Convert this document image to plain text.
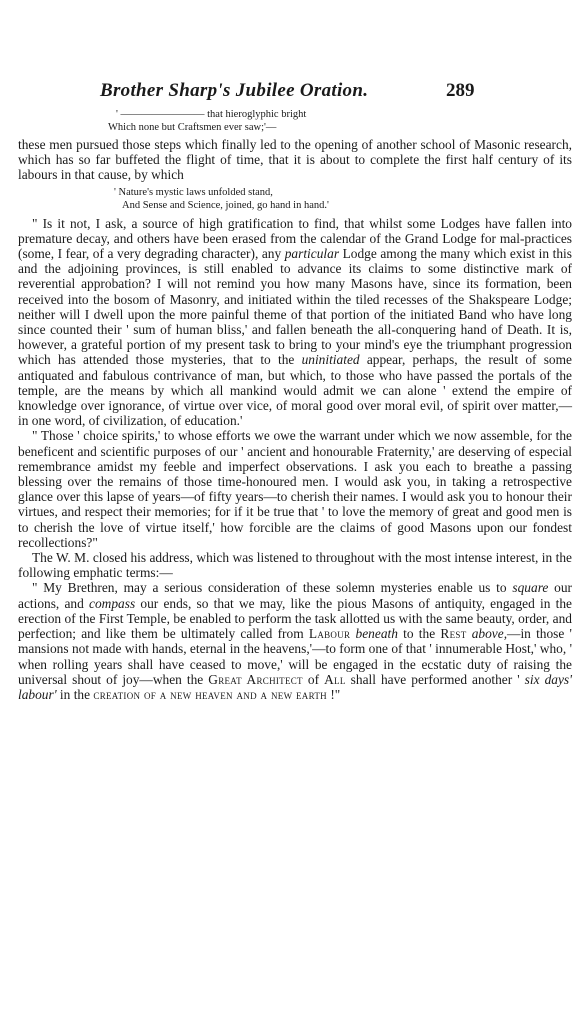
Brother Sharp's Jubilee Oration.	289
' ———————— that hieroglyphic bright
Which none but Craftsmen ever saw;'—

these men pursued those steps which finally led to the opening of another school of Masonic research, which has so far buffeted the flight of time, that it is about to complete the first half century of its labours in that cause, by which

' Nature's mystic laws unfolded stand,
And Sense and Science, joined, go hand in hand.'

" Is it not, I ask, a source of high gratification to find, that whilst some Lodges have fallen into premature decay, and others have been erased from the calendar of the Grand Lodge for mal-practices (some, I fear, of a very degrading character), any particular Lodge among the many which exist in this and the adjoining provinces, is still enabled to advance its claims to some distinctive mark of reverential approbation? I will not remind you how many Masons have, since its formation, been received into the bosom of Masonry, and initiated within the tiled recesses of the Shakspeare Lodge; neither will I dwell upon the more painful theme of that portion of the initiated Band who have long since counted their ' sum of human bliss,' and fallen beneath the all-conquering hand of Death. It is, however, a grateful portion of my present task to bring to your mind's eye the triumphant progression which has attended those mysteries, that to the uninitiated appear, perhaps, the result of some antiquated and fabulous contrivance of man, but which, to those who have passed the portals of the temple, are the means by which all mankind would admit we can alone ' extend the empire of knowledge over ignorance, of virtue over vice, of moral good over moral evil, of spirit over matter,—in one word, of civilization, of education.'

" Those ' choice spirits,' to whose efforts we owe the warrant under which we now assemble, for the beneficent and scientific purposes of our ' ancient and honourable Fraternity,' are deserving of especial remembrance amidst my feeble and imperfect observations. I ask you each to breathe a passing blessing over the remains of those time-honoured men. I would ask you, in taking a retrospective glance over this lapse of years—of fifty years—to cherish their names. I would ask you to honour their virtues, and respect their memories; for if it be true that ' to love the memory of great and good men is to cherish the love of virtue itself,' how forcible are the claims of good Masons upon our fondest recollections?"

The W. M. closed his address, which was listened to throughout with the most intense interest, in the following emphatic terms:—

" My Brethren, may a serious consideration of these solemn mysteries enable us to square our actions, and compass our ends, so that we may, like the pious Masons of antiquity, engaged in the erection of the First Temple, be enabled to perform the task allotted us with the same beauty, order, and perfection; and like them be ultimately called from Labour beneath to the Rest above,—in those ' mansions not made with hands, eternal in the heavens,'—to form one of that ' innumerable Host,' who, ' when rolling years shall have ceased to move,' will be engaged in the ecstatic duty of raising the universal shout of joy—when the Great Architect of All shall have performed another ' six days' labour' in the creation of a new heaven and a new earth !"
